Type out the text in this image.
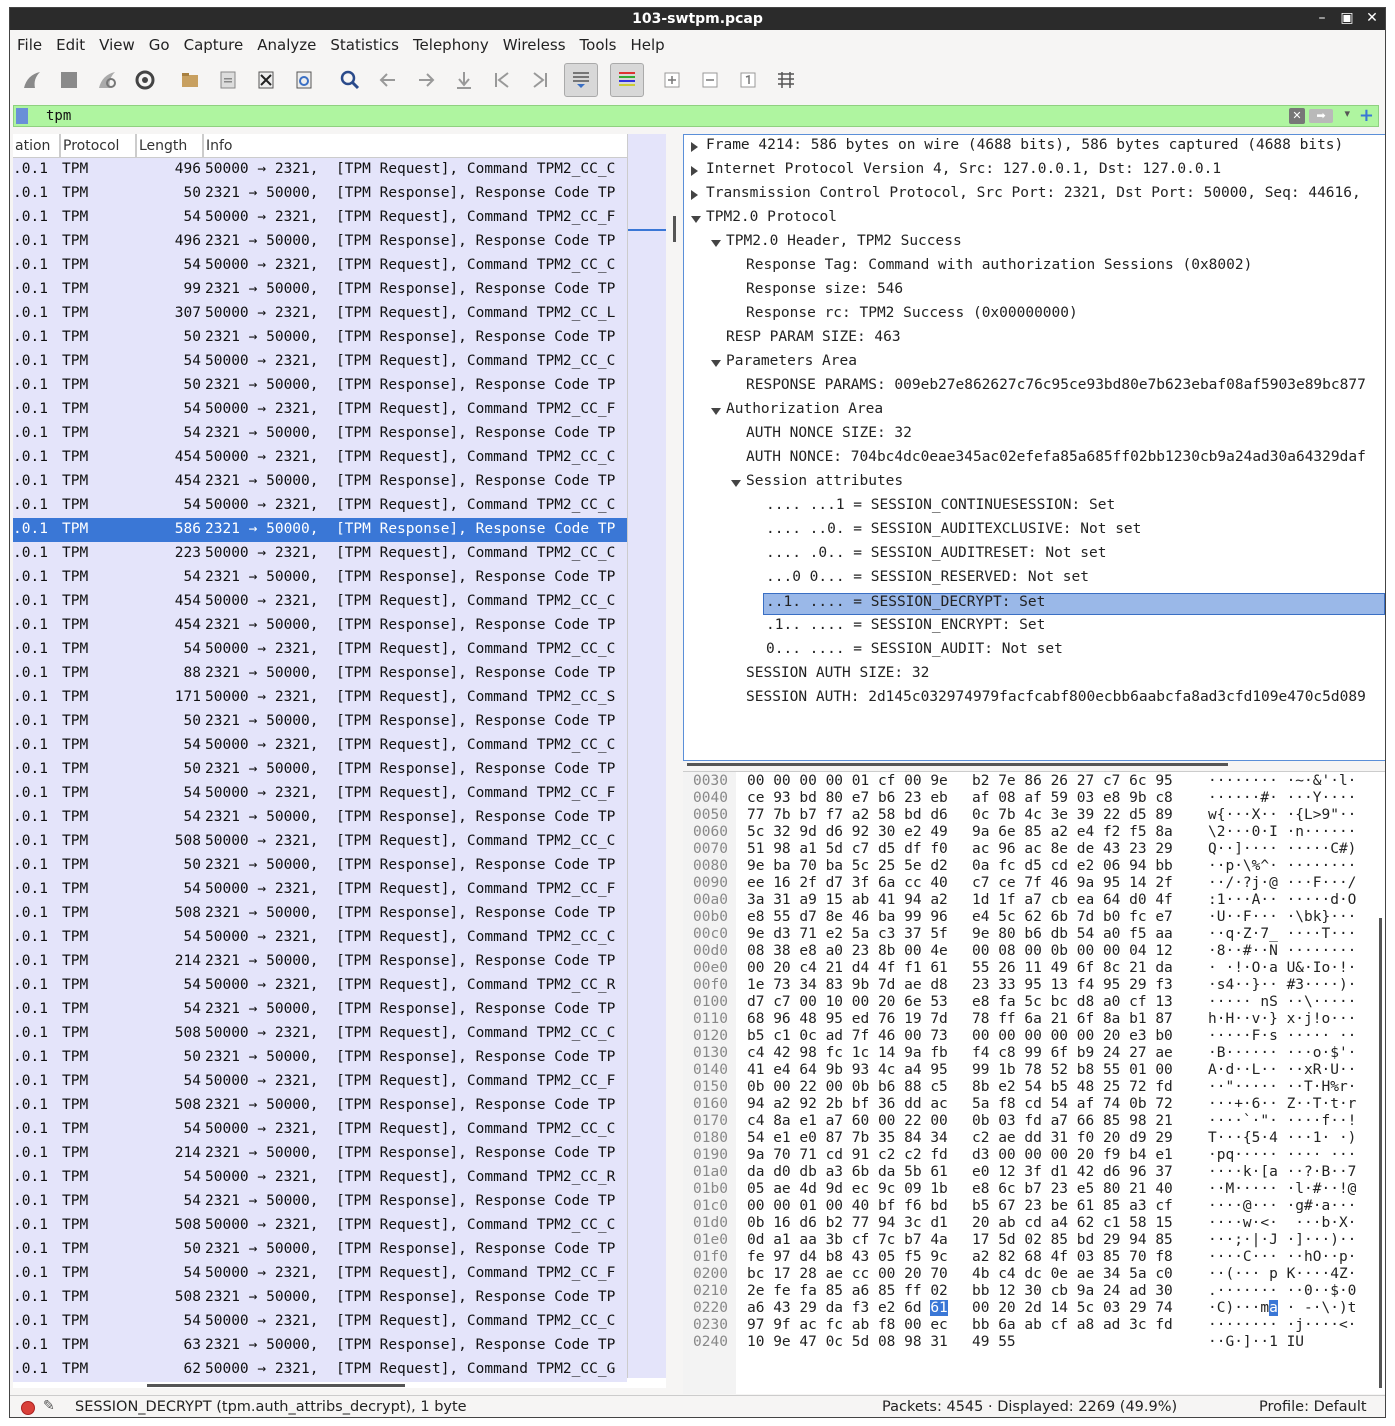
103-swtpm.pcap	–	▣ ✕
File Edit View Go Capture Analyze Statistics Telephony Wireless Tools Help
tpm	✕	➡	▾ +
ation Protocol	Length	Info
.0.1 TPM	496 50000 → 2321,  [TPM Request], Command TPM2_CC_C
.0.1 TPM	50 2321 → 50000,  [TPM Response], Response Code TP
.0.1 TPM	54 50000 → 2321,  [TPM Request], Command TPM2_CC_F
.0.1 TPM	496 2321 → 50000,  [TPM Response], Response Code TP
.0.1 TPM	54 50000 → 2321,  [TPM Request], Command TPM2_CC_C
.0.1 TPM	99 2321 → 50000,  [TPM Response], Response Code TP
.0.1 TPM	307 50000 → 2321,  [TPM Request], Command TPM2_CC_L
.0.1 TPM	50 2321 → 50000,  [TPM Response], Response Code TP
.0.1 TPM	54 50000 → 2321,  [TPM Request], Command TPM2_CC_C
.0.1 TPM	50 2321 → 50000,  [TPM Response], Response Code TP
.0.1 TPM	54 50000 → 2321,  [TPM Request], Command TPM2_CC_F
.0.1 TPM	54 2321 → 50000,  [TPM Response], Response Code TP
.0.1 TPM	454 50000 → 2321,  [TPM Request], Command TPM2_CC_C
.0.1 TPM	454 2321 → 50000,  [TPM Response], Response Code TP
.0.1 TPM	54 50000 → 2321,  [TPM Request], Command TPM2_CC_C
.0.1 TPM	586 2321 → 50000,  [TPM Response], Response Code TP
.0.1 TPM	223 50000 → 2321,  [TPM Request], Command TPM2_CC_C
.0.1 TPM	54 2321 → 50000,  [TPM Response], Response Code TP
.0.1 TPM	454 50000 → 2321,  [TPM Request], Command TPM2_CC_C
.0.1 TPM	454 2321 → 50000,  [TPM Response], Response Code TP
.0.1 TPM	54 50000 → 2321,  [TPM Request], Command TPM2_CC_C
.0.1 TPM	88 2321 → 50000,  [TPM Response], Response Code TP
.0.1 TPM	171 50000 → 2321,  [TPM Request], Command TPM2_CC_S
.0.1 TPM	50 2321 → 50000,  [TPM Response], Response Code TP
.0.1 TPM	54 50000 → 2321,  [TPM Request], Command TPM2_CC_C
.0.1 TPM	50 2321 → 50000,  [TPM Response], Response Code TP
.0.1 TPM	54 50000 → 2321,  [TPM Request], Command TPM2_CC_F
.0.1 TPM	54 2321 → 50000,  [TPM Response], Response Code TP
.0.1 TPM	508 50000 → 2321,  [TPM Request], Command TPM2_CC_C
.0.1 TPM	50 2321 → 50000,  [TPM Response], Response Code TP
.0.1 TPM	54 50000 → 2321,  [TPM Request], Command TPM2_CC_F
.0.1 TPM	508 2321 → 50000,  [TPM Response], Response Code TP
.0.1 TPM	54 50000 → 2321,  [TPM Request], Command TPM2_CC_C
.0.1 TPM	214 2321 → 50000,  [TPM Response], Response Code TP
.0.1 TPM	54 50000 → 2321,  [TPM Request], Command TPM2_CC_R
.0.1 TPM	54 2321 → 50000,  [TPM Response], Response Code TP
.0.1 TPM	508 50000 → 2321,  [TPM Request], Command TPM2_CC_C
.0.1 TPM	50 2321 → 50000,  [TPM Response], Response Code TP
.0.1 TPM	54 50000 → 2321,  [TPM Request], Command TPM2_CC_F
.0.1 TPM	508 2321 → 50000,  [TPM Response], Response Code TP
.0.1 TPM	54 50000 → 2321,  [TPM Request], Command TPM2_CC_C
.0.1 TPM	214 2321 → 50000,  [TPM Response], Response Code TP
.0.1 TPM	54 50000 → 2321,  [TPM Request], Command TPM2_CC_R
.0.1 TPM	54 2321 → 50000,  [TPM Response], Response Code TP
.0.1 TPM	508 50000 → 2321,  [TPM Request], Command TPM2_CC_C
.0.1 TPM	50 2321 → 50000,  [TPM Response], Response Code TP
.0.1 TPM	54 50000 → 2321,  [TPM Request], Command TPM2_CC_F
.0.1 TPM	508 2321 → 50000,  [TPM Response], Response Code TP
.0.1 TPM	54 50000 → 2321,  [TPM Request], Command TPM2_CC_C
.0.1 TPM	63 2321 → 50000,  [TPM Response], Response Code TP
.0.1 TPM	62 50000 → 2321,  [TPM Request], Command TPM2_CC_G
Frame 4214: 586 bytes on wire (4688 bits), 586 bytes captured (4688 bits)
Internet Protocol Version 4, Src: 127.0.0.1, Dst: 127.0.0.1
Transmission Control Protocol, Src Port: 2321, Dst Port: 50000, Seq: 44616,
TPM2.0 Protocol
TPM2.0 Header, TPM2 Success
Response Tag: Command with authorization Sessions (0x8002)
Response size: 546
Response rc: TPM2 Success (0x00000000)
RESP PARAM SIZE: 463
Parameters Area
RESPONSE PARAMS: 009eb27e862627c76c95ce93bd80e7b623ebaf08af5903e89bc877
Authorization Area
AUTH NONCE SIZE: 32
AUTH NONCE: 704bc4dc0eae345ac02efefa85a685ff02bb1230cb9a24ad30a64329daf
Session attributes
.... ...1 = SESSION_CONTINUESESSION: Set
.... ..0. = SESSION_AUDITEXCLUSIVE: Not set
.... .0.. = SESSION_AUDITRESET: Not set
...0 0... = SESSION_RESERVED: Not set
..1. .... = SESSION_DECRYPT: Set
.1.. .... = SESSION_ENCRYPT: Set
0... .... = SESSION_AUDIT: Not set
SESSION AUTH SIZE: 32
SESSION AUTH: 2d145c032974979facfcabf800ecbb6aabcfa8ad3cfd109e470c5d089
0030 00 00 00 00 01 cf 00 9e b2 7e 86 26 27 c7 6c 95 ········ ·~·&'·l·
0040 ce 93 bd 80 e7 b6 23 eb af 08 af 59 03 e8 9b c8 ······#· ···Y····
0050 77 7b b7 f7 a2 58 bd d6 0c 7b 4c 3e 39 22 d5 89 w{···X·· ·{L>9"··
0060 5c 32 9d d6 92 30 e2 49 9a 6e 85 a2 e4 f2 f5 8a \2···0·I ·n······
0070 51 98 a1 5d c7 d5 df f0 ac 96 ac 8e de 43 23 29 Q··]···· ·····C#)
0080 9e ba 70 ba 5c 25 5e d2 0a fc d5 cd e2 06 94 bb ··p·\%^· ········
0090 ee 16 2f d7 3f 6a cc 40 c7 ce 7f 46 9a 95 14 2f ··/·?j·@ ···F···/
00a0 3a 31 a9 15 ab 41 94 a2 1d 1f a7 cb ea 64 d0 4f :1···A·· ·····d·O
00b0 e8 55 d7 8e 46 ba 99 96 e4 5c 62 6b 7d b0 fc e7 ·U··F··· ·\bk}···
00c0 9e d3 71 e2 5a c3 37 5f 9e 80 b6 db 54 a0 f5 aa ··q·Z·7_ ····T···
00d0 08 38 e8 a0 23 8b 00 4e 00 08 00 0b 00 00 04 12 ·8··#··N ········
00e0 00 20 c4 21 d4 4f f1 61 55 26 11 49 6f 8c 21 da · ·!·O·a U&·Io·!·
00f0 1e 73 34 83 9b 7d ae d8 23 33 95 13 f4 95 29 f3 ·s4··}·· #3····)·
0100 d7 c7 00 10 00 20 6e 53 e8 fa 5c bc d8 a0 cf 13 ····· nS ··\·····
0110 68 96 48 95 ed 76 19 7d 78 ff 6a 21 6f 8a b1 87 h·H··v·} x·j!o···
0120 b5 c1 0c ad 7f 46 00 73 00 00 00 00 00 20 e3 b0 ·····F·s ····· ··
0130 c4 42 98 fc 1c 14 9a fb f4 c8 99 6f b9 24 27 ae ·B······ ···o·$'·
0140 41 e4 64 9b 93 4c a4 95 99 1b 78 52 b8 55 01 00 A·d··L·· ··xR·U··
0150 0b 00 22 00 0b b6 88 c5 8b e2 54 b5 48 25 72 fd ··"····· ··T·H%r·
0160 94 a2 92 2b bf 36 dd ac 5a f8 cd 54 af 74 0b 72 ···+·6·· Z··T·t·r
0170 c4 8a e1 a7 60 00 22 00 0b 03 fd a7 66 85 98 21 ····`·"· ····f··!
0180 54 e1 e0 87 7b 35 84 34 c2 ae dd 31 f0 20 d9 29 T···{5·4 ···1· ·)
0190 9a 70 71 cd 91 c2 c2 fd d3 00 00 00 20 f9 b4 e1 ·pq····· ···· ···
01a0 da d0 db a3 6b da 5b 61 e0 12 3f d1 42 d6 96 37 ····k·[a ··?·B··7
01b0 05 ae 4d 9d ec 9c 09 1b e8 6c b7 23 e5 80 21 40 ··M····· ·l·#··!@
01c0 00 00 01 00 40 bf f6 bd b5 67 23 be 61 85 a3 cf ····@··· ·g#·a···
01d0 0b 16 d6 b2 77 94 3c d1 20 ab cd a4 62 c1 58 15 ····w·<·  ···b·X·
01e0 0d a1 aa 3b cf 7c b7 4a 17 5d 02 85 bd 29 94 85 ···;·|·J ·]···)··
01f0 fe 97 d4 b8 43 05 f5 9c a2 82 68 4f 03 85 70 f8 ····C··· ··hO··p·
0200 bc 17 28 ae cc 00 20 70 4b c4 dc 0e ae 34 5a c0 ··(··· p K····4Z·
0210 2e fe fa 85 a6 85 ff 02 bb 12 30 cb 9a 24 ad 30 .······· ··0··$·0
0220 a6 43 29 da f3 e2 6d 61 00 20 2d 14 5c 03 29 74 ·C)···ma · -·\·)t
0230 97 9f ac fc ab f8 00 ec bb 6a ab cf a8 ad 3c fd ········ ·j····<·
0240 10 9e 47 0c 5d 08 98 31 49 55	··G·]··1 IU
✎ SESSION_DECRYPT (tpm.auth_attribs_decrypt), 1 byte	Packets: 4545 · Displayed: 2269 (49.9%)	Profile: Default
